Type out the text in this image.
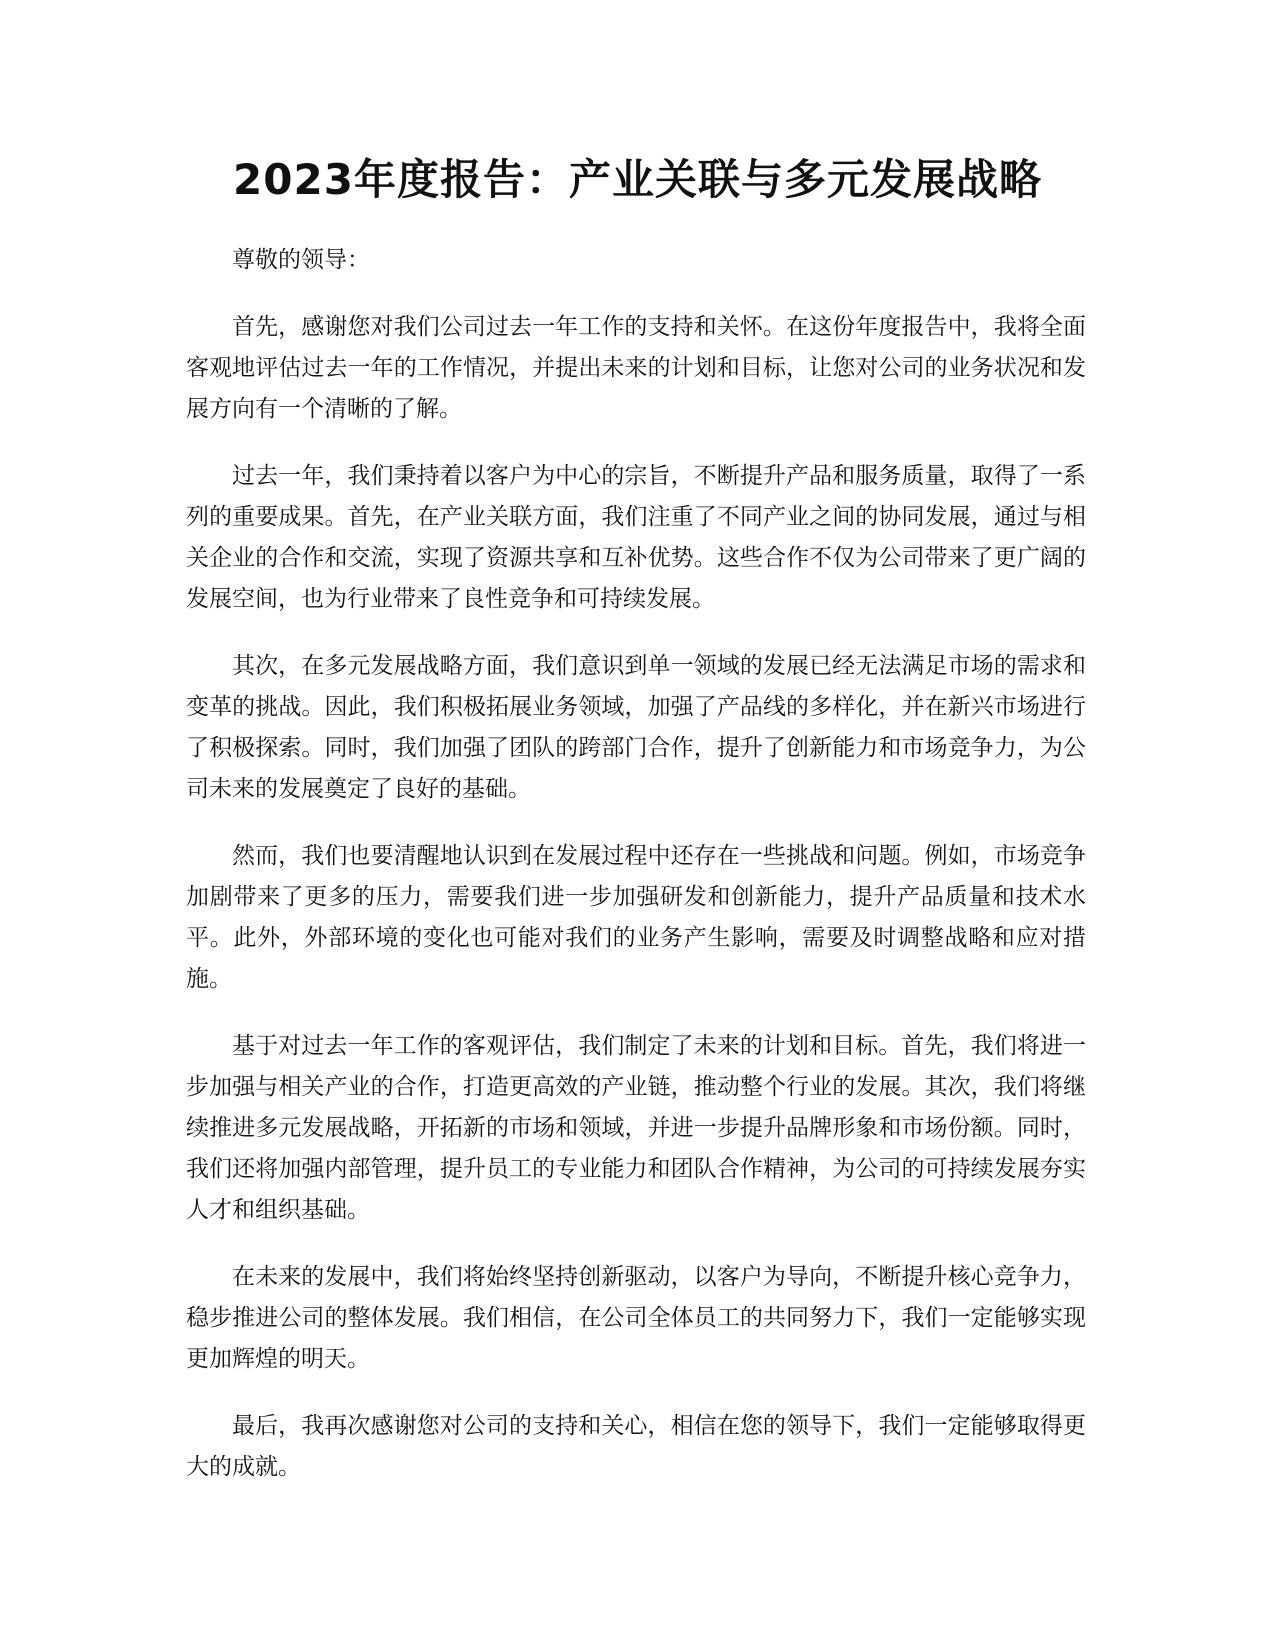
2023年度报告：产业关联与多元发展战略

尊敬的领导：

首先，感谢您对我们公司过去一年工作的支持和关怀。在这份年度报告中，我将全面客观地评估过去一年的工作情况，并提出未来的计划和目标，让您对公司的业务状况和发展方向有一个清晰的了解。

过去一年，我们秉持着以客户为中心的宗旨，不断提升产品和服务质量，取得了一系列的重要成果。首先，在产业关联方面，我们注重了不同产业之间的协同发展，通过与相关企业的合作和交流，实现了资源共享和互补优势。这些合作不仅为公司带来了更广阔的发展空间，也为行业带来了良性竞争和可持续发展。

其次，在多元发展战略方面，我们意识到单一领域的发展已经无法满足市场的需求和变革的挑战。因此，我们积极拓展业务领域，加强了产品线的多样化，并在新兴市场进行了积极探索。同时，我们加强了团队的跨部门合作，提升了创新能力和市场竞争力，为公司未来的发展奠定了良好的基础。

然而，我们也要清醒地认识到在发展过程中还存在一些挑战和问题。例如，市场竞争加剧带来了更多的压力，需要我们进一步加强研发和创新能力，提升产品质量和技术水平。此外，外部环境的变化也可能对我们的业务产生影响，需要及时调整战略和应对措施。

基于对过去一年工作的客观评估，我们制定了未来的计划和目标。首先，我们将进一步加强与相关产业的合作，打造更高效的产业链，推动整个行业的发展。其次，我们将继续推进多元发展战略，开拓新的市场和领域，并进一步提升品牌形象和市场份额。同时，我们还将加强内部管理，提升员工的专业能力和团队合作精神，为公司的可持续发展夯实人才和组织基础。

在未来的发展中，我们将始终坚持创新驱动，以客户为导向，不断提升核心竞争力，稳步推进公司的整体发展。我们相信，在公司全体员工的共同努力下，我们一定能够实现更加辉煌的明天。

最后，我再次感谢您对公司的支持和关心，相信在您的领导下，我们一定能够取得更大的成就。
